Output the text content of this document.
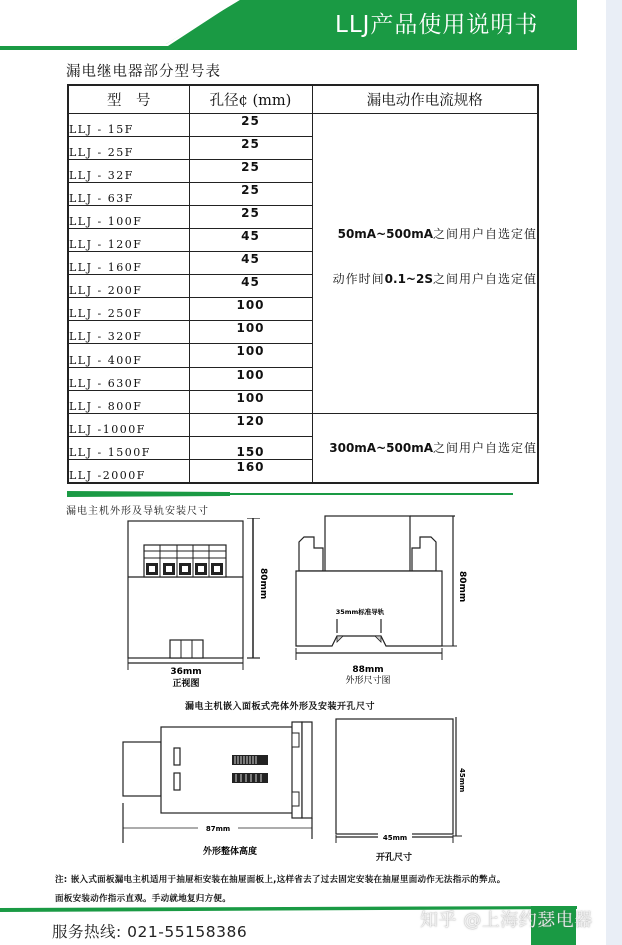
LLJ产品使用说明书
漏电继电器部分型号表
型　号	孔径¢ (mm)	漏电动作电流规格
LLJ - 15F	25	50mA~500mA之间用户自选定值
动作时间0.1~2S之间用户自选定值

LLJ - 25F	25	
LLJ - 32F	25	
LLJ - 63F	25	
LLJ - 100F	25	
LLJ - 120F	45	
LLJ - 160F	45	
LLJ - 200F	45	
LLJ - 250F	100	
LLJ - 320F	100	
LLJ - 400F	100	
LLJ - 630F	100	
LLJ - 800F	100	
LLJ -1000F	120	300mA~500mA之间用户自选定值
LLJ - 1500F	150	
LLJ -2000F	160	
漏电主机外形及导轨安装尺寸
80mm
36mm
正视图
35mm标准导轨
80mm
88mm
外形尺寸图
漏电主机嵌入面板式壳体外形及安装开孔尺寸
87mm
外形整体高度
45mm
45mm
开孔尺寸
注: 嵌入式面板漏电主机适用于抽屉柜安装在抽屉面板上,这样省去了过去固定安装在抽屉里面动作无法指示的弊点。
面板安装动作指示直观。手动就地复归方便。
服务热线: 021-55158386
知乎 @上海约瑟电器
